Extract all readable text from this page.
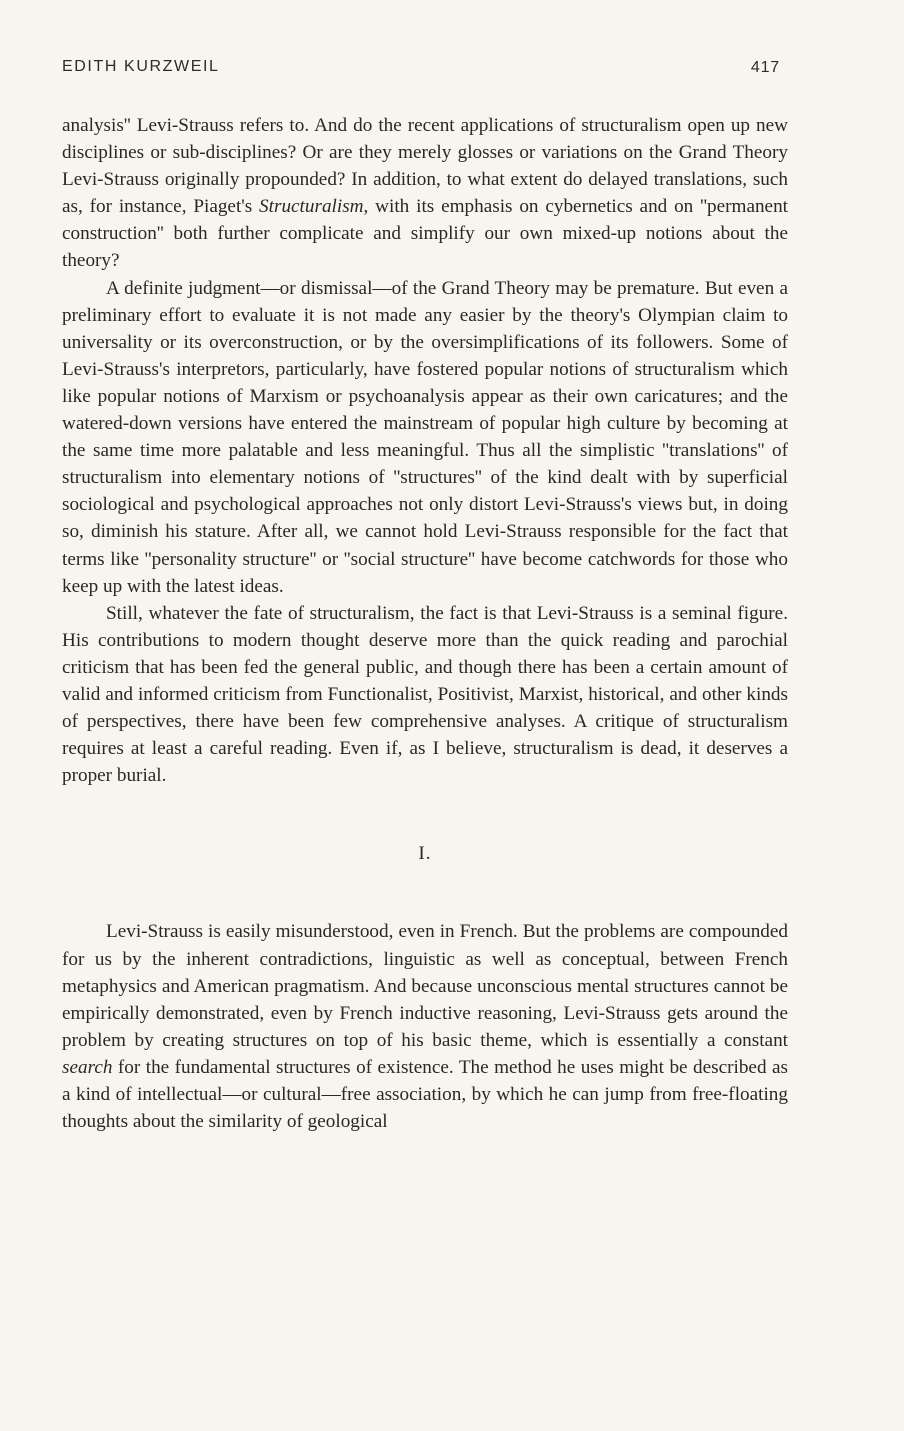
EDITH KURZWEIL	417

analysis'' Levi-Strauss refers to. And do the recent applications of structuralism open up new disciplines or sub-disciplines? Or are they merely glosses or variations on the Grand Theory Levi-Strauss originally propounded? In addition, to what extent do delayed translations, such as, for instance, Piaget's Structuralism, with its emphasis on cybernetics and on ''permanent construction'' both further complicate and simplify our own mixed-up notions about the theory?

A definite judgment—or dismissal—of the Grand Theory may be premature. But even a preliminary effort to evaluate it is not made any easier by the theory's Olympian claim to universality or its overconstruction, or by the oversimplifications of its followers. Some of Levi-Strauss's interpretors, particularly, have fostered popular notions of structuralism which like popular notions of Marxism or psychoanalysis appear as their own caricatures; and the watered-down versions have entered the mainstream of popular high culture by becoming at the same time more palatable and less meaningful. Thus all the simplistic ''translations'' of structuralism into elementary notions of ''structures'' of the kind dealt with by superficial sociological and psychological approaches not only distort Levi-Strauss's views but, in doing so, diminish his stature. After all, we cannot hold Levi-Strauss responsible for the fact that terms like ''personality structure'' or ''social structure'' have become catchwords for those who keep up with the latest ideas.

Still, whatever the fate of structuralism, the fact is that Levi-Strauss is a seminal figure. His contributions to modern thought deserve more than the quick reading and parochial criticism that has been fed the general public, and though there has been a certain amount of valid and informed criticism from Functionalist, Positivist, Marxist, historical, and other kinds of perspectives, there have been few comprehensive analyses. A critique of structuralism requires at least a careful reading. Even if, as I believe, structuralism is dead, it deserves a proper burial.

I.

Levi-Strauss is easily misunderstood, even in French. But the problems are compounded for us by the inherent contradictions, linguistic as well as conceptual, between French metaphysics and American pragmatism. And because unconscious mental structures cannot be empirically demonstrated, even by French inductive reasoning, Levi-Strauss gets around the problem by creating structures on top of his basic theme, which is essentially a constant search for the fundamental structures of existence. The method he uses might be described as a kind of intellectual—or cultural—free association, by which he can jump from free-floating thoughts about the similarity of geological
